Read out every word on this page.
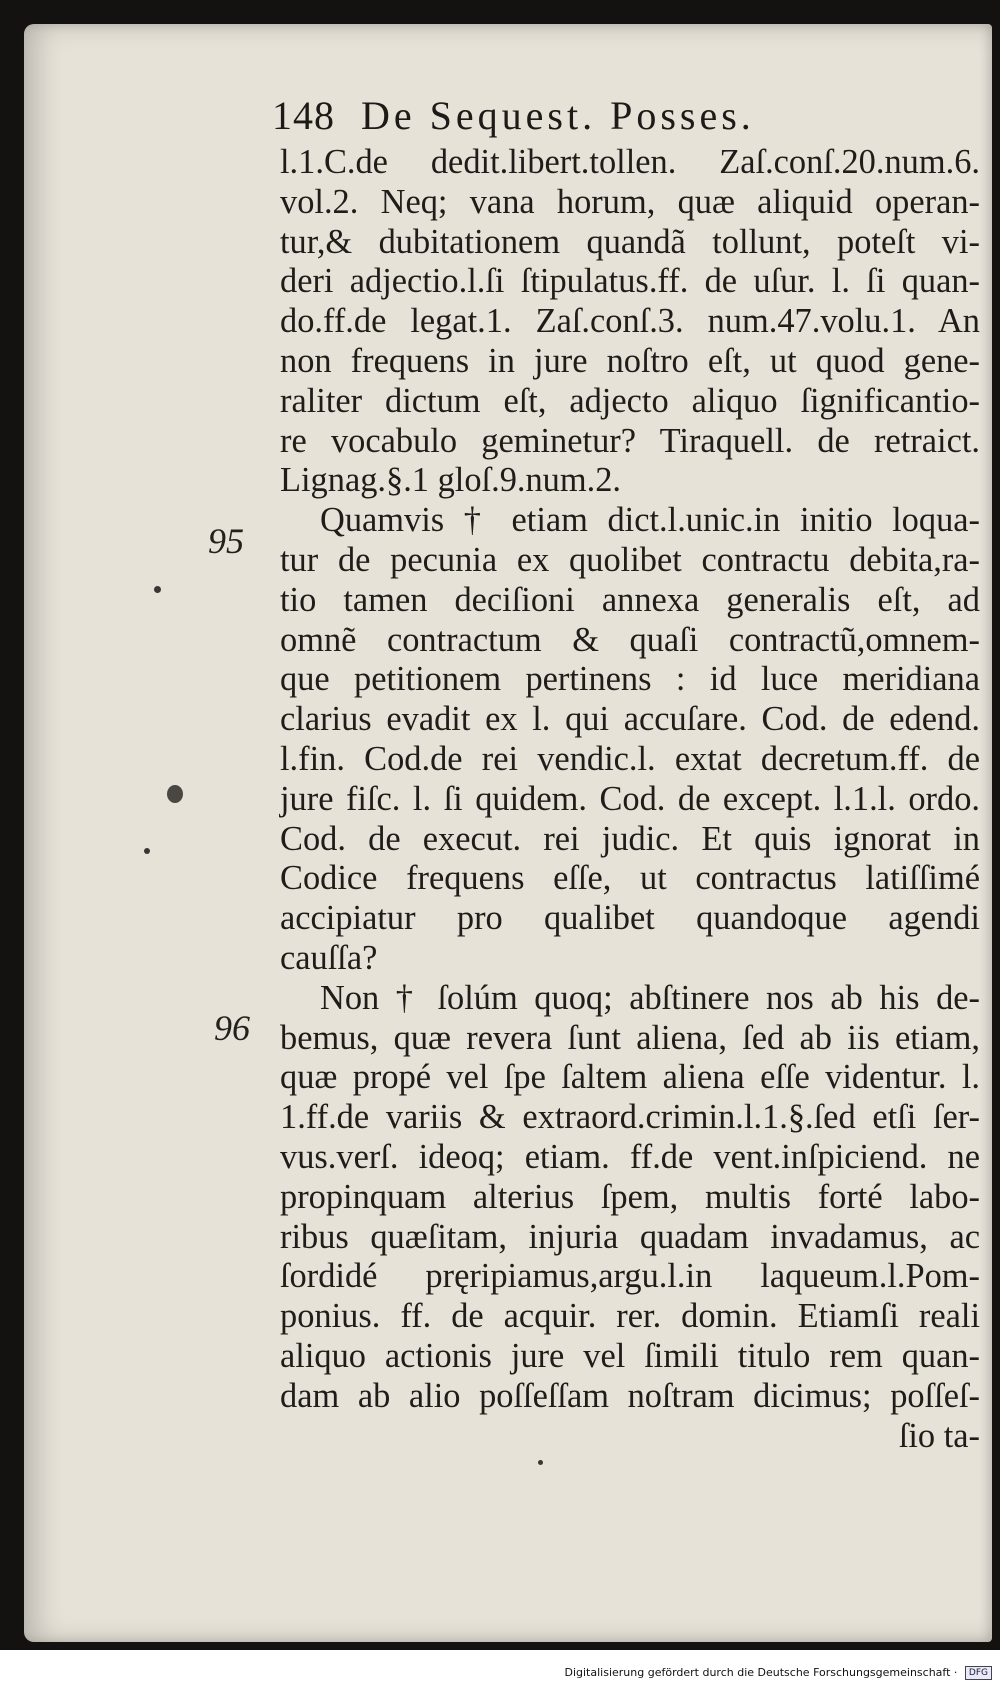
148 De Sequest. Posses.
95
96
l.1.C.de dedit.libert.tollen. Zaſ.conſ.20.num.6.
vol.2. Neq; vana horum, quæ aliquid operan-
tur,& dubitationem quandã tollunt, poteſt vi-
deri adjectio.l.ſi ſtipulatus.ff. de uſur. l. ſi quan-
do.ff.de legat.1. Zaſ.conſ.3. num.47.volu.1. An
non frequens in jure noſtro eſt, ut quod gene-
raliter dictum eſt, adjecto aliquo ſignificantio-
re vocabulo geminetur? Tiraquell. de retraict.
Lignag.§.1 gloſ.9.num.2.
Quamvis † etiam dict.l.unic.in initio loqua-
tur de pecunia ex quolibet contractu debita,ra-
tio tamen deciſioni annexa generalis eſt, ad
omnẽ contractum & quaſi contractũ,omnem-
que petitionem pertinens : id luce meridiana
clarius evadit ex l. qui accuſare. Cod. de edend.
l.fin. Cod.de rei vendic.l. extat decretum.ff. de
jure fiſc. l. ſi quidem. Cod. de except. l.1.l. ordo.
Cod. de execut. rei judic. Et quis ignorat in
Codice frequens eſſe, ut contractus latiſſimé
accipiatur pro qualibet quandoque agendi
cauſſa?
Non † ſolúm quoq; abſtinere nos ab his de-
bemus, quæ revera ſunt aliena, ſed ab iis etiam,
quæ propé vel ſpe ſaltem aliena eſſe videntur. l.
1.ff.de variis & extraord.crimin.l.1.§.ſed etſi ſer-
vus.verſ. ideoq; etiam. ff.de vent.inſpiciend. ne
propinquam alterius ſpem, multis forté labo-
ribus quæſitam, injuria quadam invadamus, ac
ſordidé pręripiamus,argu.l.in laqueum.l.Pom-
ponius. ff. de acquir. rer. domin. Etiamſi reali
aliquo actionis jure vel ſimili titulo rem quan-
dam ab alio poſſeſſam noſtram dicimus; poſſeſ-
ſio ta-
Digitalisierung gefördert durch die Deutsche Forschungsgemeinschaft · DFG
